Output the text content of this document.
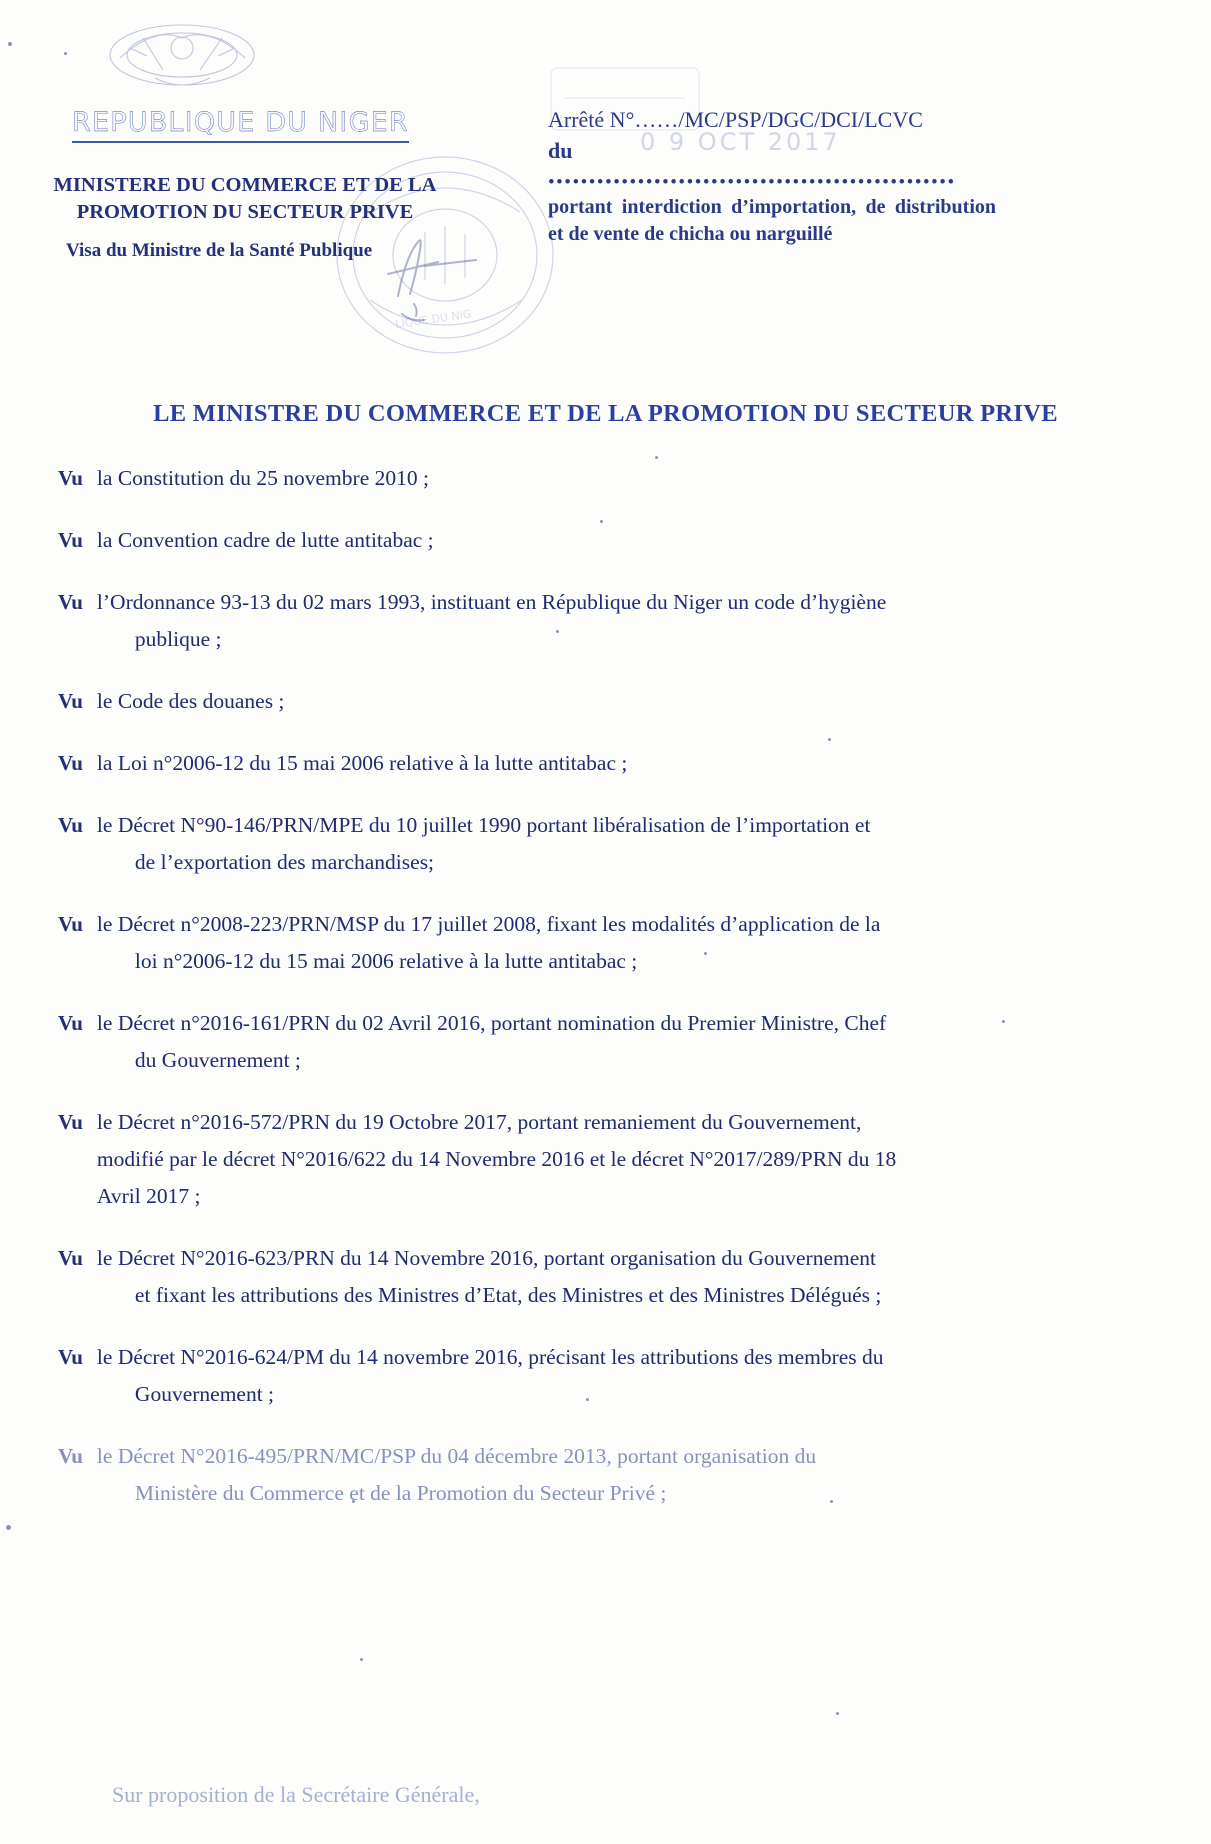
LIQUE DU NIG
REPUBLIQUE DU NIGER
MINISTERE DU COMMERCE ET DE LA PROMOTION DU SECTEUR PRIVE
Visa du Ministre de la Santé Publique
0 9 OCT 2017
Arrêté N°……/MC/PSP/DGC/DCI/LCVC
du
••••••••••••••••••••••••••••••••••••••••••••••••••
portant interdiction d’importation, de distribution et de vente de chicha ou narguillé
LE MINISTRE DU COMMERCE ET DE LA PROMOTION DU SECTEUR PRIVE
Vu la Constitution du 25 novembre 2010 ;
Vu la Convention cadre de lutte antitabac ;
Vu l’Ordonnance 93-13 du 02 mars 1993, instituant en République du Niger un code d’hygiène
publique ;
Vu le Code des douanes ;
Vu la Loi n°2006-12 du 15 mai 2006 relative à la lutte antitabac ;
Vu le Décret N°90-146/PRN/MPE du 10 juillet 1990 portant libéralisation de l’importation et
de l’exportation des marchandises;
Vu le Décret n°2008-223/PRN/MSP du 17 juillet 2008, fixant les modalités d’application de la
loi n°2006-12 du 15 mai 2006 relative à la lutte antitabac ;
Vu le Décret n°2016-161/PRN du 02 Avril 2016, portant nomination du Premier Ministre, Chef
du Gouvernement ;
Vu le Décret n°2016-572/PRN du 19 Octobre 2017, portant remaniement du Gouvernement,
modifié par le décret N°2016/622 du 14 Novembre 2016 et le décret N°2017/289/PRN du 18
Avril 2017 ;
Vu le Décret N°2016-623/PRN du 14 Novembre 2016, portant organisation du Gouvernement
et fixant les attributions des Ministres d’Etat, des Ministres et des Ministres Délégués ;
Vu le Décret N°2016-624/PM du 14 novembre 2016, précisant les attributions des membres du
Gouvernement ;
Vu le Décret N°2016-495/PRN/MC/PSP du 04 décembre 2013, portant organisation du
Ministère du Commerce et de la Promotion du Secteur Privé ;
Sur proposition de la Secrétaire Générale,
